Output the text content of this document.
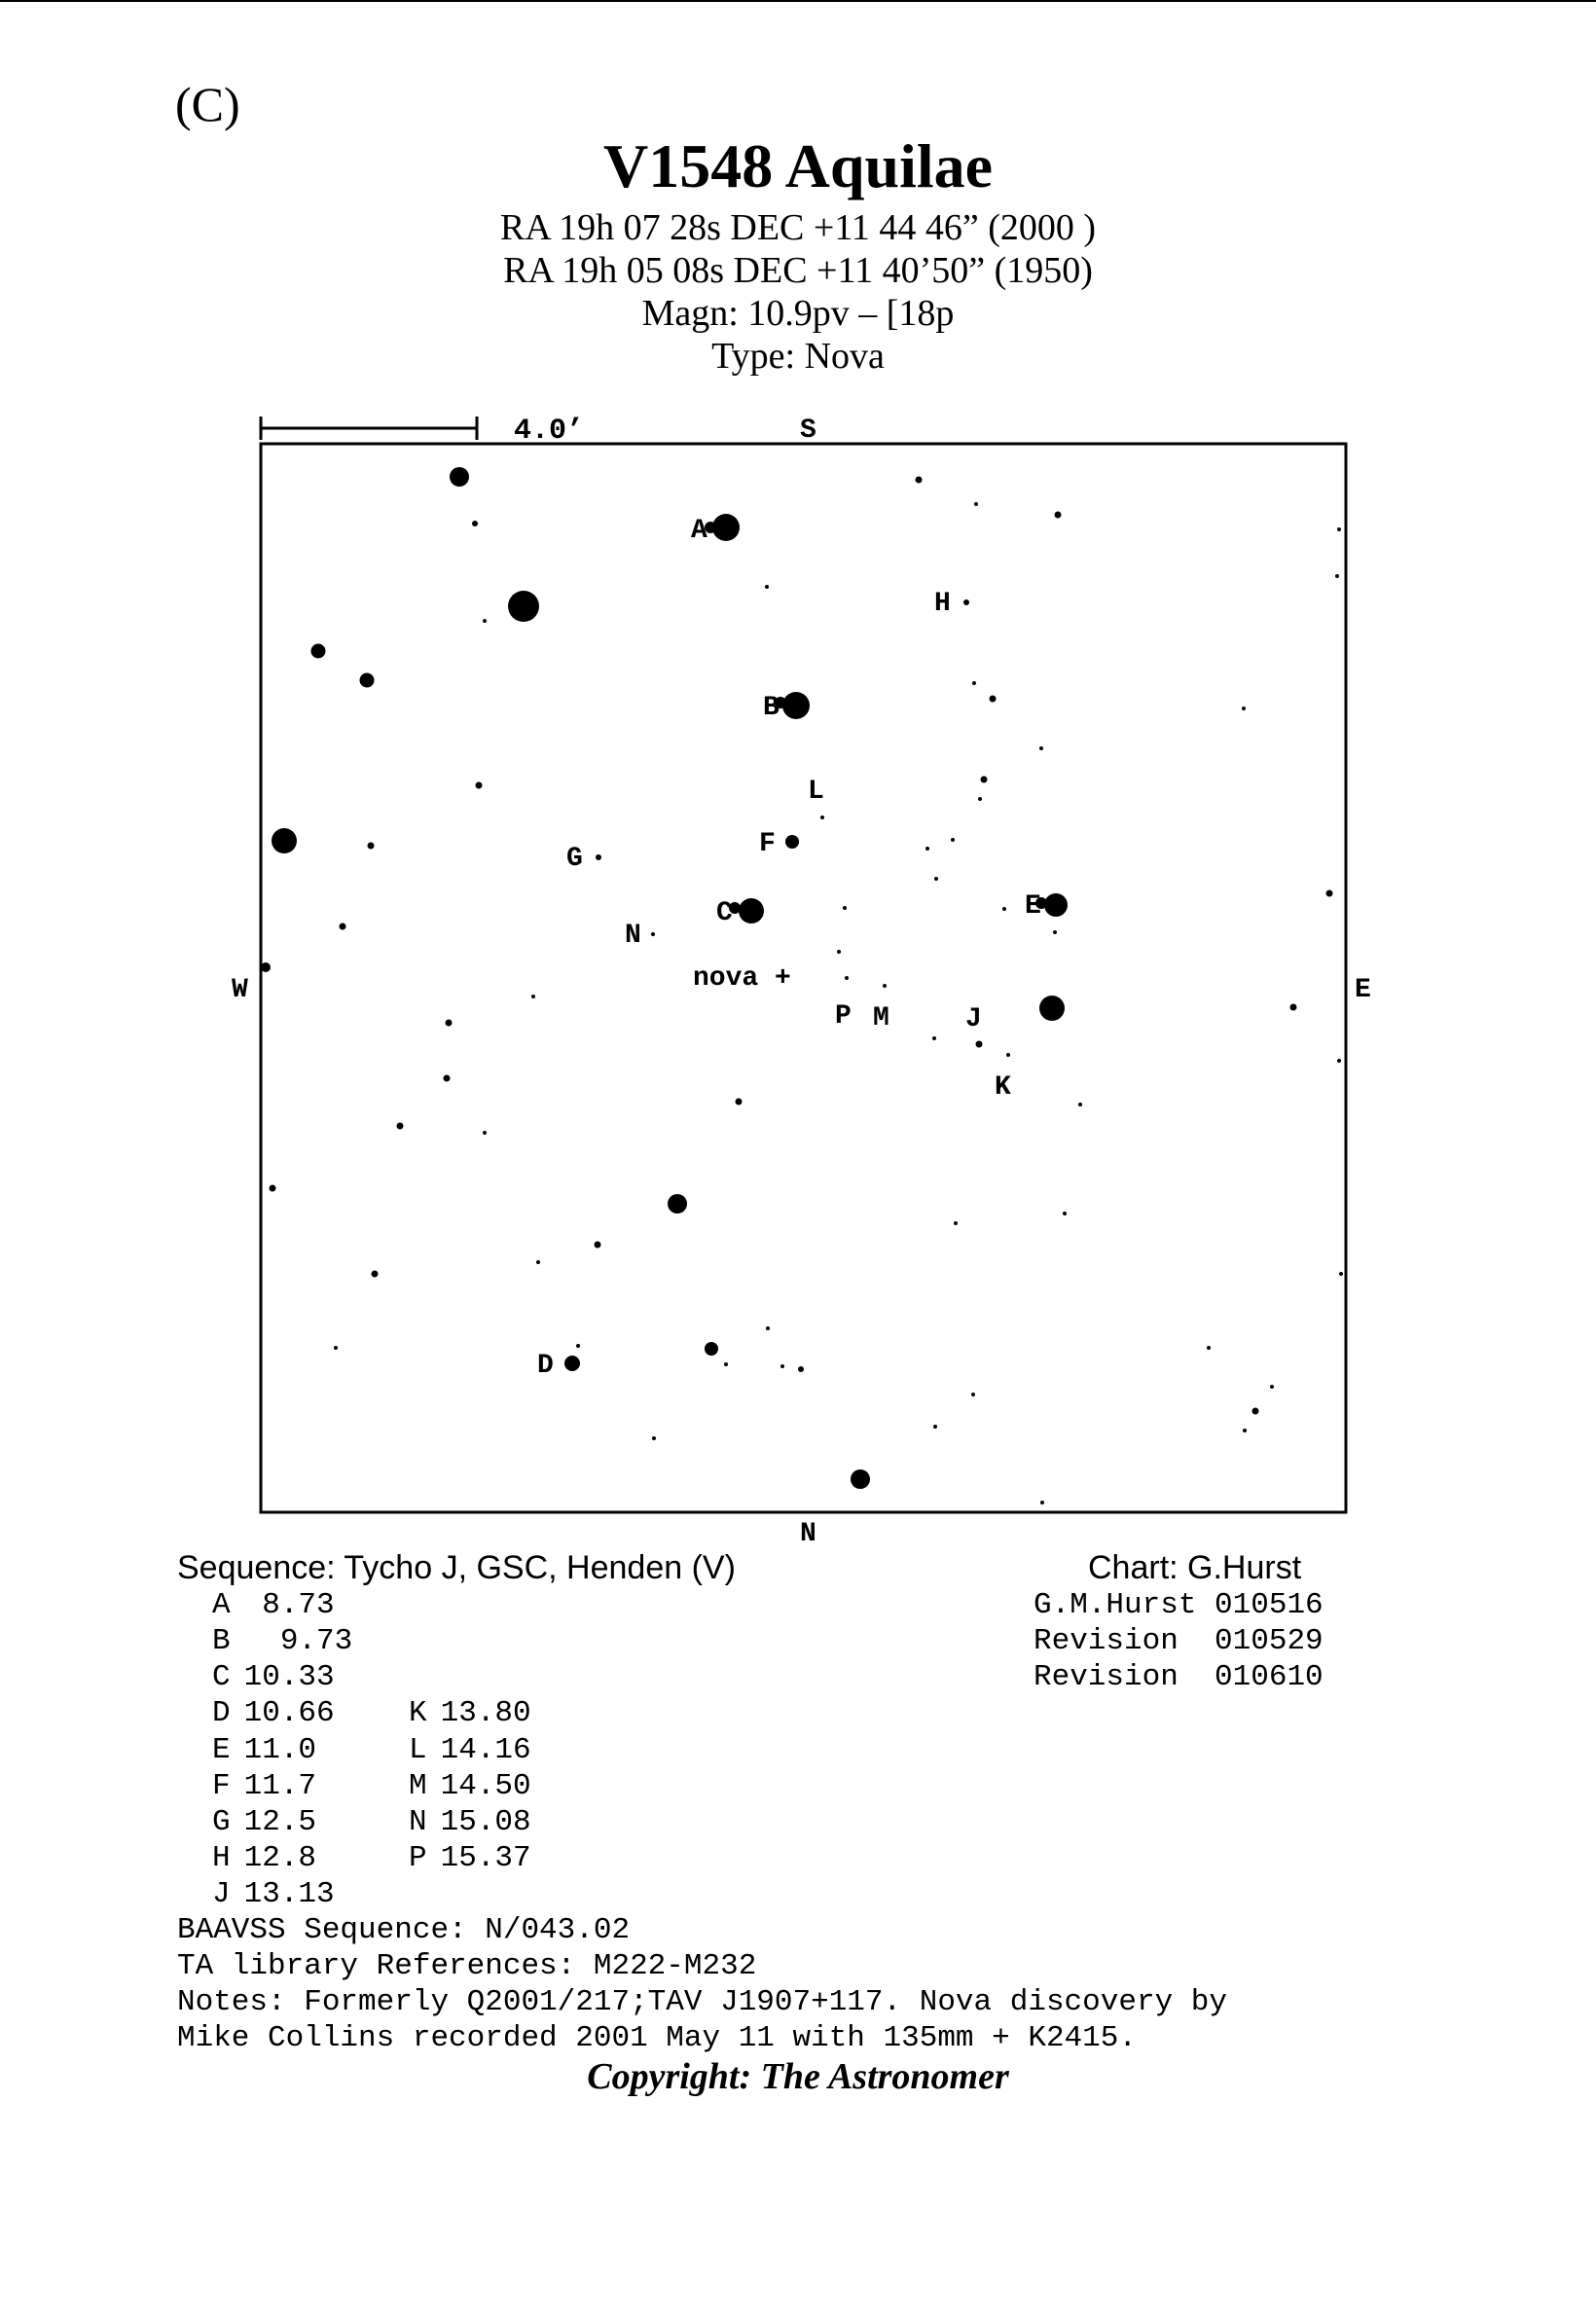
(C)
V1548 Aquilae
RA 19h 07 28s DEC +11 44 46” (2000 )
RA 19h 05 08s DEC +11 40’50” (1950)
Magn: 10.9pv – [18p
Type: Nova
4.0’	S
N
W	E
A
H
B
L
F
G
C	E
N
P M	J
K
D
nova +
Sequence: Tycho J, GSC, Henden (V)	Chart: G.Hurst
A 8.73
B  9.73
C 10.33
D 10.66
E 11.0
F 11.7
G 12.5
H 12.8
J 13.13
K 13.80
L 14.16
M 14.50
N 15.08
P 15.37
G.M.Hurst 010516
Revision  010529
Revision  010610
BAAVSS Sequence: N/043.02
TA library References: M222-M232
Notes: Formerly Q2001/217;TAV J1907+117. Nova discovery by
Mike Collins recorded 2001 May 11 with 135mm + K2415.
Copyright: The Astronomer
